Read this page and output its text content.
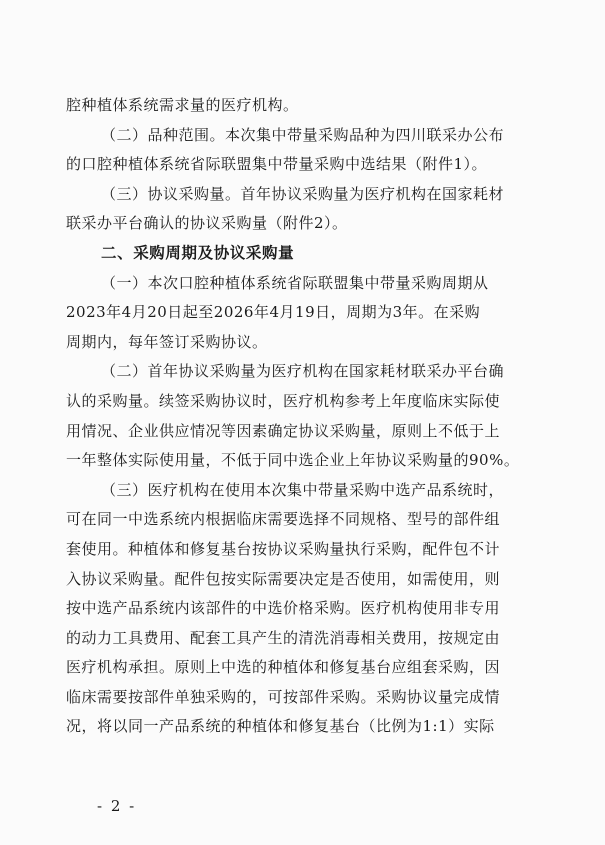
腔种植体系统需求量的医疗机构。
（二）品种范围。本次集中带量采购品种为四川联采办公布
的口腔种植体系统省际联盟集中带量采购中选结果（附件1）。
（三）协议采购量。首年协议采购量为医疗机构在国家耗材
联采办平台确认的协议采购量（附件2）。
二、采购周期及协议采购量
（一）本次口腔种植体系统省际联盟集中带量采购周期从
2023年4月20日起至2026年4月19日，周期为3年。在采购
周期内，每年签订采购协议。
（二）首年协议采购量为医疗机构在国家耗材联采办平台确
认的采购量。续签采购协议时，医疗机构参考上年度临床实际使
用情况、企业供应情况等因素确定协议采购量，原则上不低于上
一年整体实际使用量，不低于同中选企业上年协议采购量的90%。
（三）医疗机构在使用本次集中带量采购中选产品系统时，
可在同一中选系统内根据临床需要选择不同规格、型号的部件组
套使用。种植体和修复基台按协议采购量执行采购，配件包不计
入协议采购量。配件包按实际需要决定是否使用，如需使用，则
按中选产品系统内该部件的中选价格采购。医疗机构使用非专用
的动力工具费用、配套工具产生的清洗消毒相关费用，按规定由
医疗机构承担。原则上中选的种植体和修复基台应组套采购，因
临床需要按部件单独采购的，可按部件采购。采购协议量完成情
况，将以同一产品系统的种植体和修复基台（比例为1:1）实际
- 2 -
